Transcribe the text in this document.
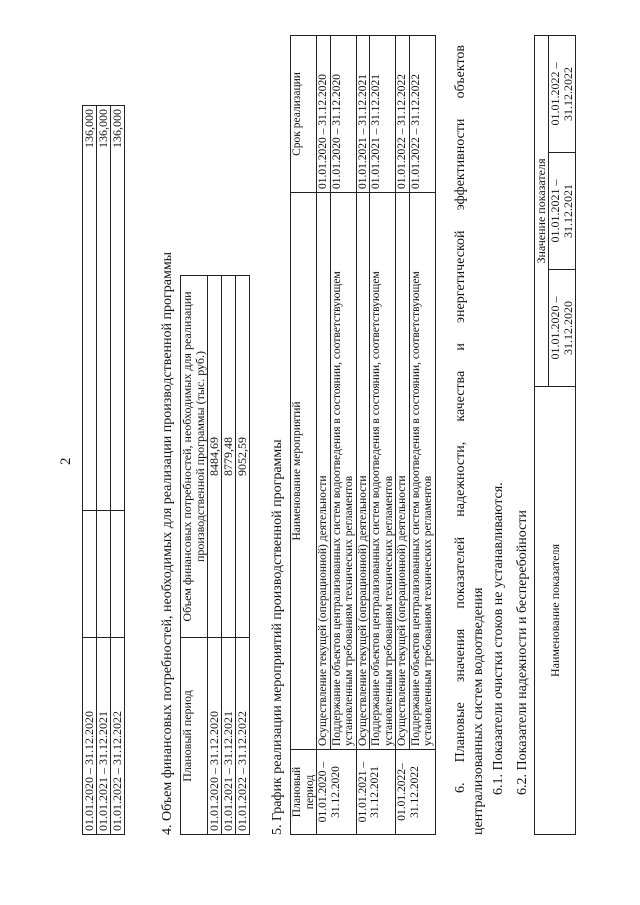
2
01.01.2020 – 31.12.2020		136,000
01.01.2021 – 31.12.2021		136,000
01.01.2022 – 31.12.2022		136,000
4. Объем финансовых потребностей, необходимых для реализации производственной программы Плановый период	Объем финансовых потребностей, необходимых для реализации производственной программы (тыс. руб.)
01.01.2020 – 31.12.2020	8484,69
01.01.2021 – 31.12.2021	8779,48
01.01.2022 – 31.12.2022	9052,59 5. График реализации мероприятий производственной программы Плановый период	Наименование мероприятий	Срок реализации
01.01.2020 – 31.12.2020	Осуществление текущей (операционной) деятельности	01.01.2020 – 31.12.2020
	Поддержание объектов централизованных систем водоотведения в состоянии, соответствующем установленным требованиям технических регламентов	01.01.2020 – 31.12.2020
01.01.2021 – 31.12.2021	Осуществление текущей (операционной) деятельности	01.01.2021 – 31.12.2021
	Поддержание объектов централизованных систем водоотведения в состоянии, соответствующем установленным требованиям технических регламентов	01.01.2021 – 31.12.2021
01.01.2022– 31.12.2022	Осуществление текущей (операционной) деятельности	01.01.2022 – 31.12.2022
	Поддержание объектов централизованных систем водоотведения в состоянии, соответствующем установленным требованиям технических регламентов	01.01.2022 – 31.12.2022 6. Плановые значения показателей надежности, качества и энергетической эффективности объектов централизованных систем водоотведения 6.1. Показатели очистки стоков не устанавливаются. 6.2. Показатели надежности и бесперебойности Наименование показателя	Значение показателя		
	01.01.2020 – 31.12.2020	01.01.2021 – 31.12.2021	01.01.2022 – 31.12.2022
